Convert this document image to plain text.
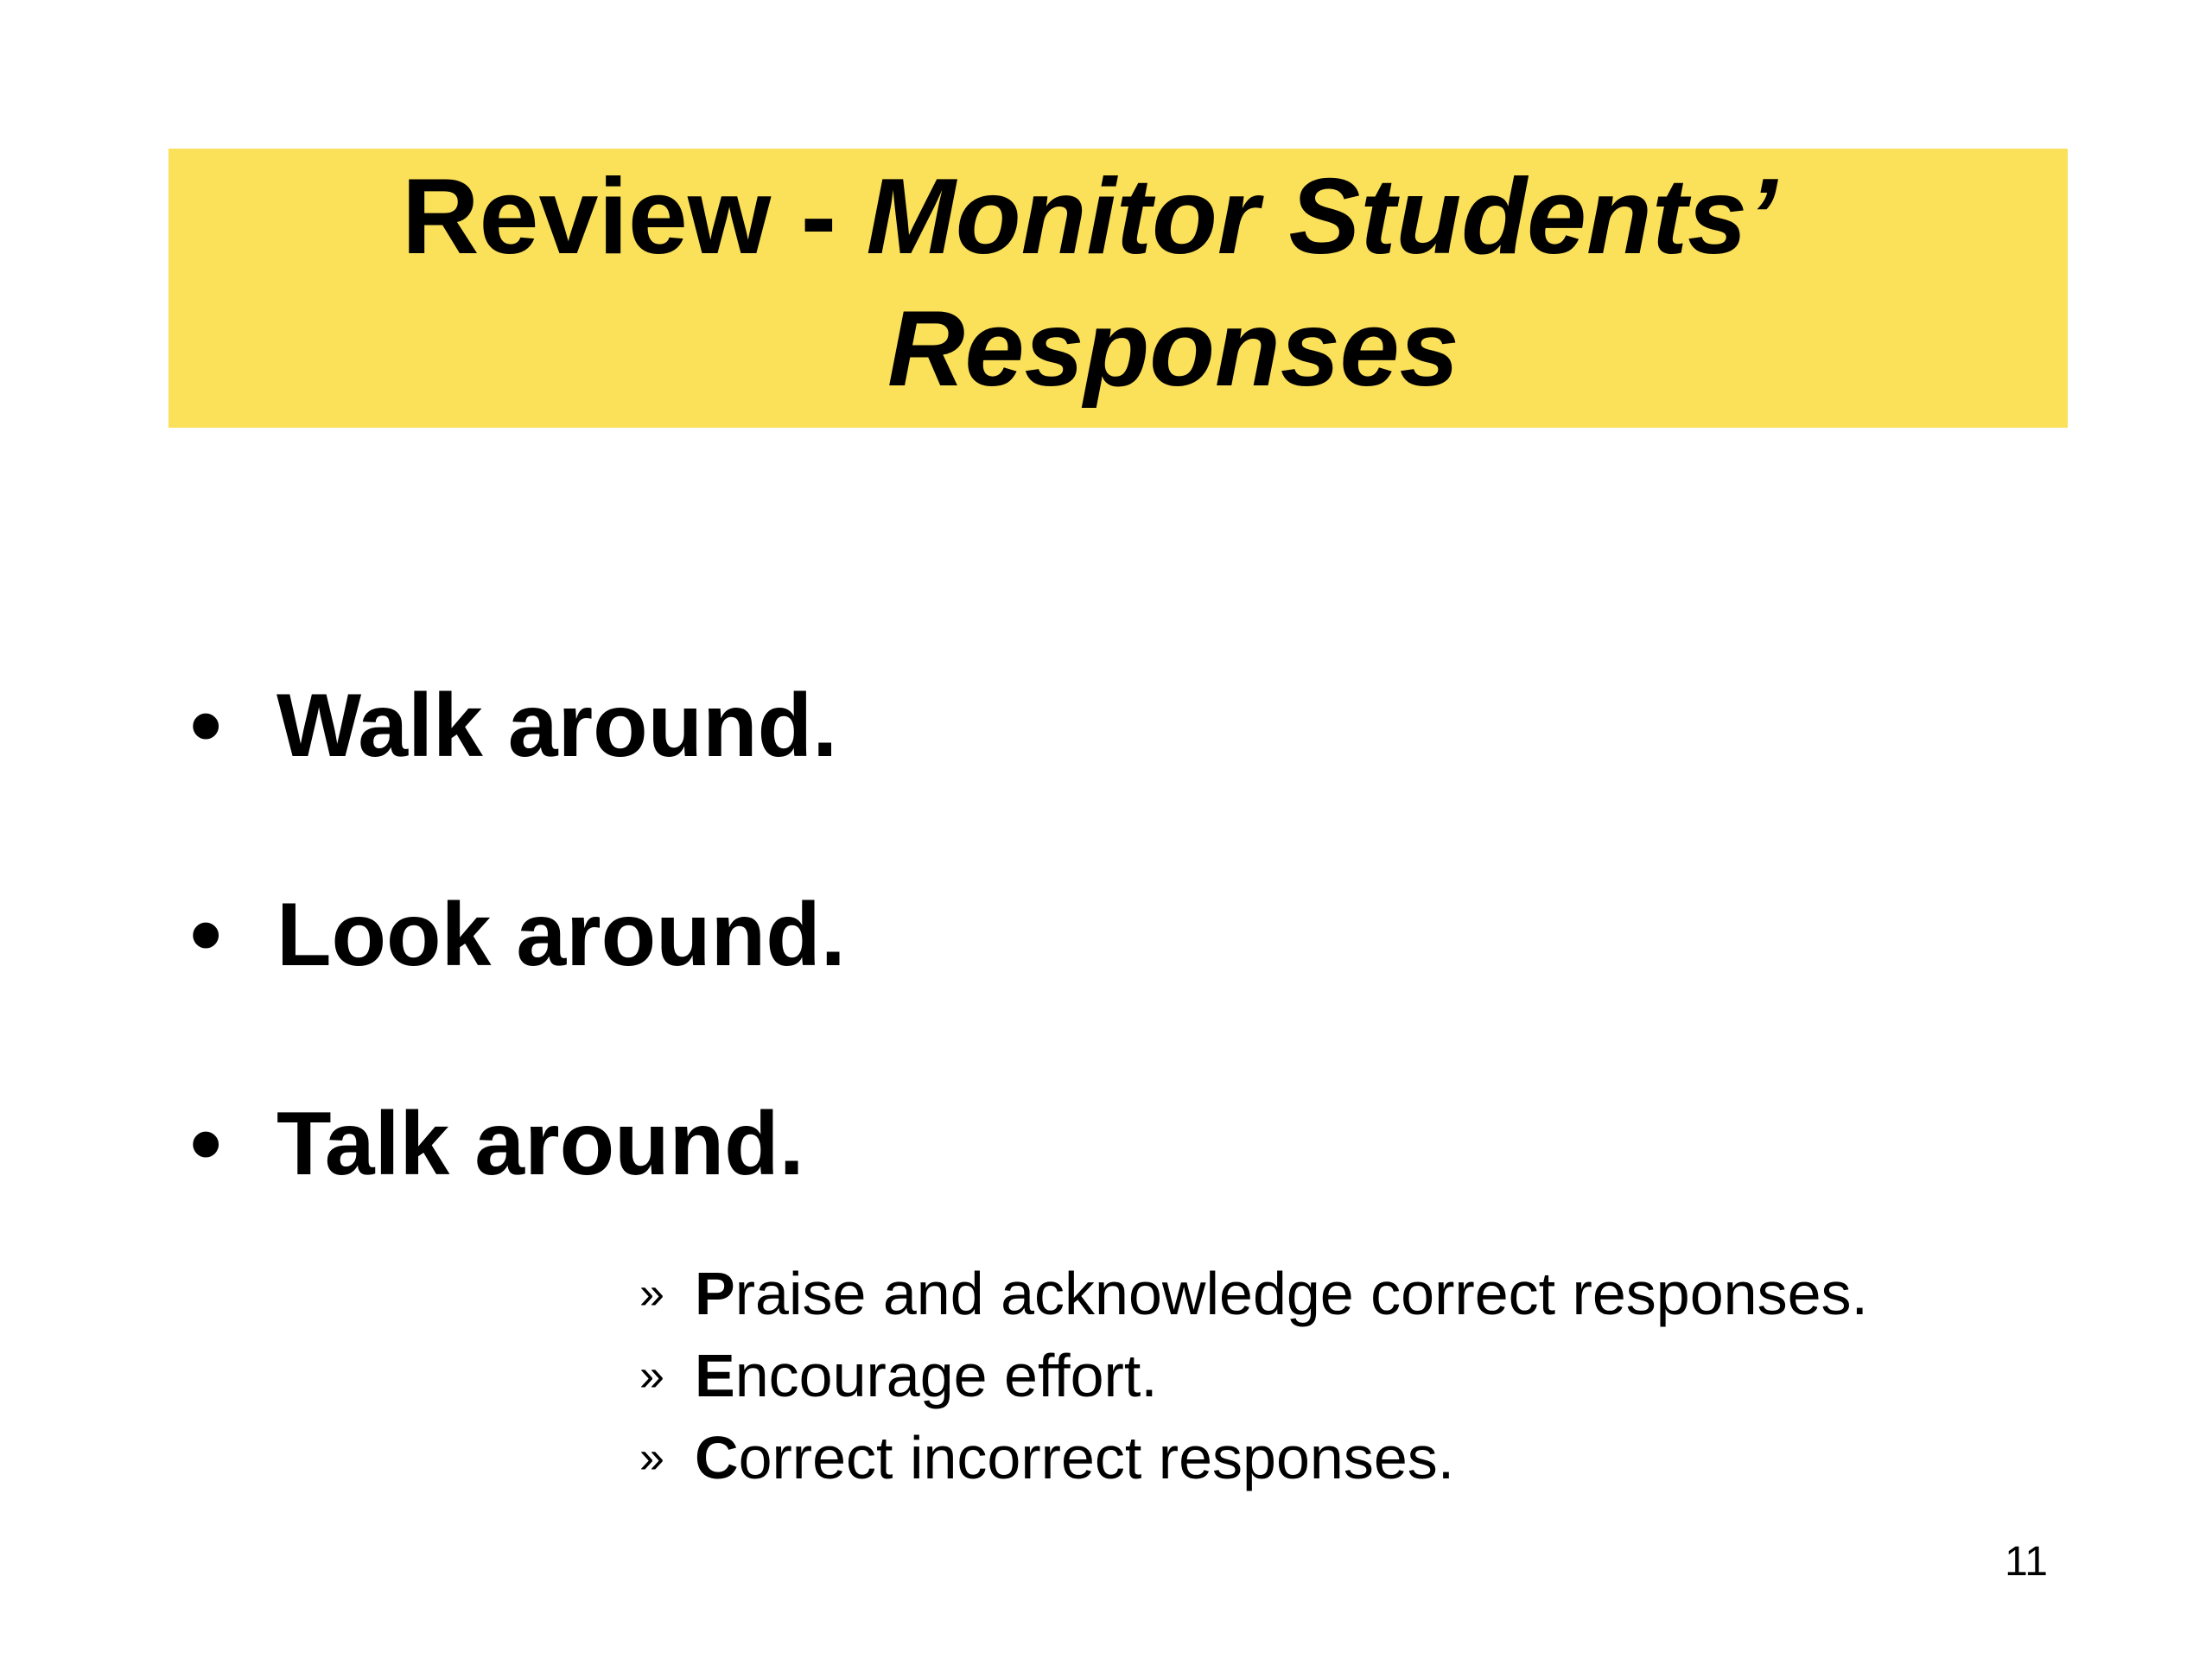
Review - Monitor Students’
Responses
• Walk around.
• Look around.
• Talk around.
» Praise and acknowledge correct responses.
» Encourage effort.
» Correct incorrect responses.
11
